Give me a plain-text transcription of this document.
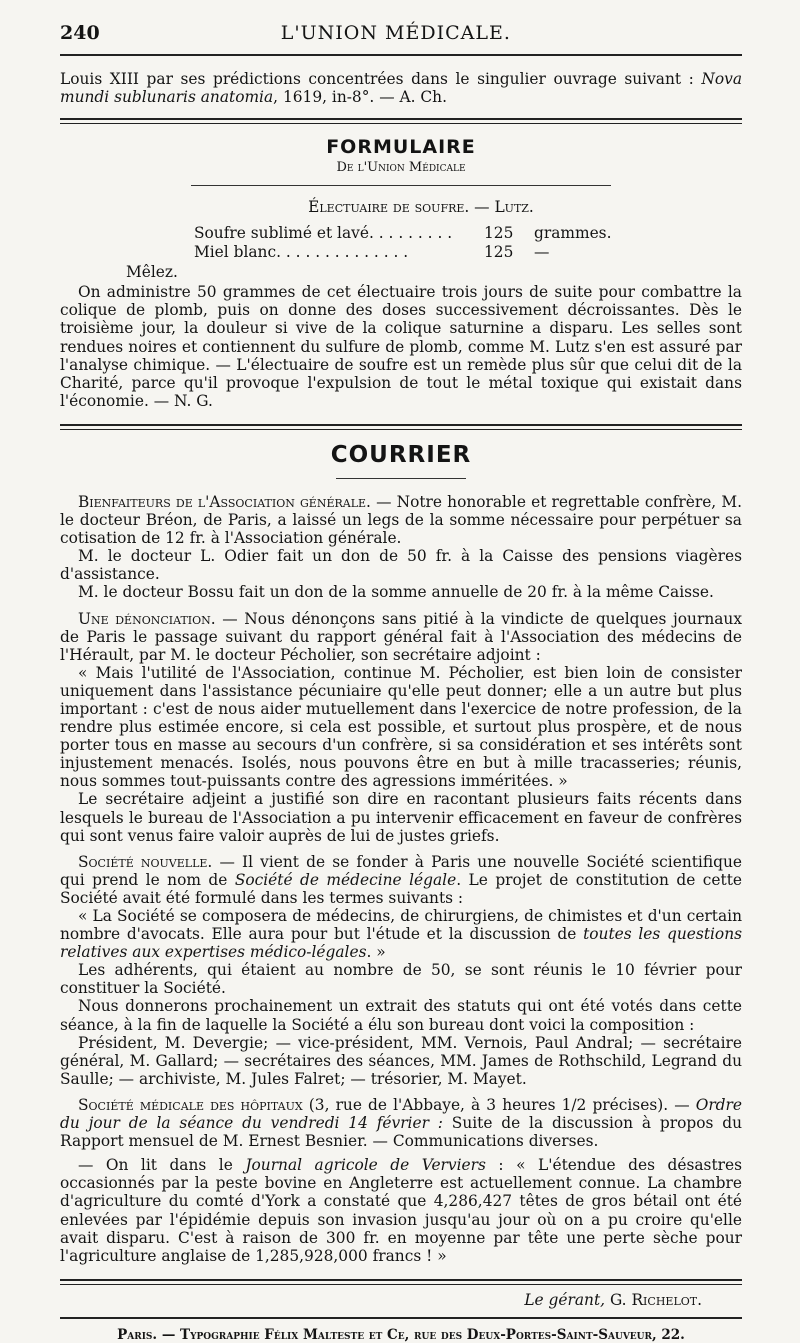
240	L'UNION MÉDICALE.

Louis XIII par ses prédictions concentrées dans le singulier ouvrage suivant : Nova mundi sublunaris anatomia, 1619, in-8°. — A. Ch.

FORMULAIRE
De l'Union Médicale
Électuaire de soufre. — Lutz.
Soufre sublimé et lavé. . . . . . . . .	125	grammes.
Miel blanc. . . . . . . . . . . . . .	125	—

Mêlez.

On administre 50 grammes de cet électuaire trois jours de suite pour combattre la colique de plomb, puis on donne des doses successivement décroissantes. Dès le troisième jour, la douleur si vive de la colique saturnine a disparu. Les selles sont rendues noires et contiennent du sulfure de plomb, comme M. Lutz s'en est assuré par l'analyse chimique. — L'électuaire de soufre est un remède plus sûr que celui dit de la Charité, parce qu'il provoque l'expulsion de tout le métal toxique qui existait dans l'économie. — N. G.

COURRIER

Bienfaiteurs de l'Association générale. — Notre honorable et regrettable confrère, M. le docteur Bréon, de Paris, a laissé un legs de la somme nécessaire pour perpétuer sa cotisation de 12 fr. à l'Association générale.

M. le docteur L. Odier fait un don de 50 fr. à la Caisse des pensions viagères d'assistance.

M. le docteur Bossu fait un don de la somme annuelle de 20 fr. à la même Caisse.

Une dénonciation. — Nous dénonçons sans pitié à la vindicte de quelques journaux de Paris le passage suivant du rapport général fait à l'Association des médecins de l'Hérault, par M. le docteur Pécholier, son secrétaire adjoint :

« Mais l'utilité de l'Association, continue M. Pécholier, est bien loin de consister uniquement dans l'assistance pécuniaire qu'elle peut donner; elle a un autre but plus important : c'est de nous aider mutuellement dans l'exercice de notre profession, de la rendre plus estimée encore, si cela est possible, et surtout plus prospère, et de nous porter tous en masse au secours d'un confrère, si sa considération et ses intérêts sont injustement menacés. Isolés, nous pouvons être en but à mille tracasseries; réunis, nous sommes tout-puissants contre des agressions imméritées. »

Le secrétaire adjeint a justifié son dire en racontant plusieurs faits récents dans lesquels le bureau de l'Association a pu intervenir efficacement en faveur de confrères qui sont venus faire valoir auprès de lui de justes griefs.

Société nouvelle. — Il vient de se fonder à Paris une nouvelle Société scientifique qui prend le nom de Société de médecine légale. Le projet de constitution de cette Société avait été formulé dans les termes suivants :

« La Société se composera de médecins, de chirurgiens, de chimistes et d'un certain nombre d'avocats. Elle aura pour but l'étude et la discussion de toutes les questions relatives aux expertises médico-légales. »

Les adhérents, qui étaient au nombre de 50, se sont réunis le 10 février pour constituer la Société.

Nous donnerons prochainement un extrait des statuts qui ont été votés dans cette séance, à la fin de laquelle la Société a élu son bureau dont voici la composition :

Président, M. Devergie; — vice-président, MM. Vernois, Paul Andral; — secrétaire général, M. Gallard; — secrétaires des séances, MM. James de Rothschild, Legrand du Saulle; — archiviste, M. Jules Falret; — trésorier, M. Mayet.

Société médicale des hôpitaux (3, rue de l'Abbaye, à 3 heures 1/2 précises). — Ordre du jour de la séance du vendredi 14 février : Suite de la discussion à propos du Rapport mensuel de M. Ernest Besnier. — Communications diverses.

— On lit dans le Journal agricole de Verviers : « L'étendue des désastres occasionnés par la peste bovine en Angleterre est actuellement connue. La chambre d'agriculture du comté d'York a constaté que 4,286,427 têtes de gros bétail ont été enlevées par l'épidémie depuis son invasion jusqu'au jour où on a pu croire qu'elle avait disparu. C'est à raison de 300 fr. en moyenne par tête une perte sèche pour l'agriculture anglaise de 1,285,928,000 francs ! »

Le gérant, G. Richelot.
Paris. — Typographie Félix Malteste et Ce, rue des Deux-Portes-Saint-Sauveur, 22.
